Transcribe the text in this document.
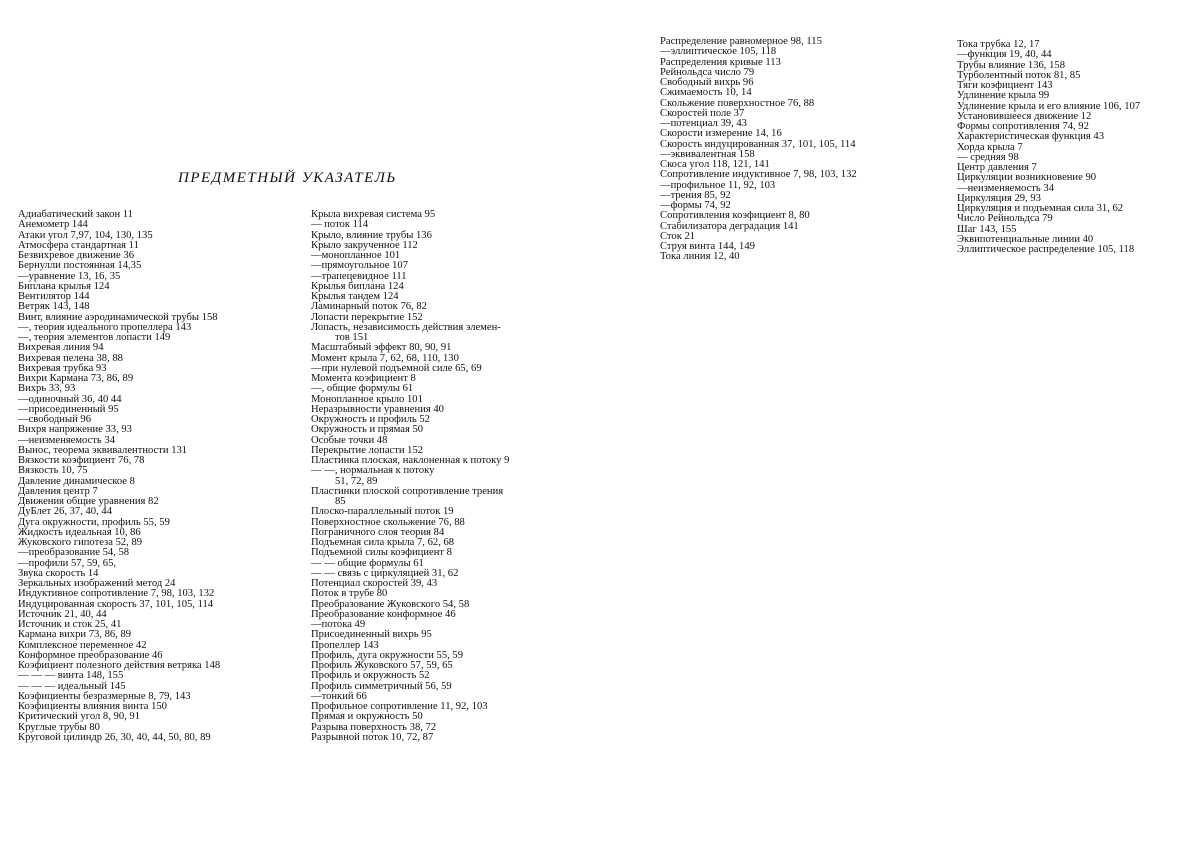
ПРЕДМЕТНЫЙ УКАЗАТЕЛЬ
Адиабатический закон 11
Анемометр 144
Атаки угол 7,97, 104, 130, 135
Атмосфера стандартная 11
Безвихревое движение 36
Бернулли постоянная 14,35
—уравнение 13, 16, 35
Биплана крылья 124
Вентилятор 144
Ветряк 143, 148
Винт, влияние аэродинамической трубы 158
—, теория идеального пропеллера 143
—, теория элементов лопасти 149
Вихревая линия 94
Вихревая пелена 38, 88
Вихревая трубка 93
Вихри Кармана 73, 86, 89
Вихрь 33, 93
—одиночный 36, 40 44
—присоединенный 95
—свободный 96
Вихря напряжение 33, 93
—неизменяемость 34
Вынос, теорема эквивалентности 131
Вязкости коэфициент 76, 78
Вязкость 10, 75
Давление динамическое 8
Давления центр 7
Движения общие уравнения 82
ДуБлет 26, 37, 40, 44
Дуга окружности, профиль 55, 59
Жидкость идеальная 10, 86
Жуковского гипотеза 52, 89
—преобразование 54, 58
—профили 57, 59, 65,
Звука скорость 14
Зеркальных изображений метод 24
Индуктивное сопротивление 7, 98, 103, 132
Индуцированная скорость 37, 101, 105, 114
Источник 21, 40, 44
Источник и сток 25, 41
Кармана вихри 73, 86, 89
Комплексное переменное 42
Конформное преобразование 46
Коэфициент полезного действия ветряка 148
— — — винта 148, 155
— — — идеальный 145
Коэфициенты безразмерные 8, 79, 143
Коэфициенты влияния винта 150
Критический угол 8, 90, 91
Круглые трубы 80
Круговой цилиндр 26, 30, 40, 44, 50, 80, 89
Крыла вихревая система 95
— поток 114
Крыло, влияние трубы 136
Крыло закрученное 112
—монопланное 101
—прямоугольное 107
—трапецевидное 111
Крылья биплана 124
Крылья тандем 124
Ламинарный поток 76, 82
Лопасти перекрытие 152
Лопасть, независимость действия элемен-
тов 151
Масштабный эффект 80, 90, 91
Момент крыла 7, 62, 68, 110, 130
—при нулевой подъемной силе 65, 69
Момента коэфициент 8
—, общие формулы 61
Монопланное крыло 101
Неразрывности уравнения 40
Окружность и профиль 52
Окружность и прямая 50
Особые точки 48
Перекрытие лопасти 152
Пластинка плоская, наклоненная к потоку 9
— —, нормальная к потоку
51, 72, 89
Пластинки плоской сопротивление трения
85
Плоско-параллельный поток 19
Поверхностное скольжение 76, 88
Пограничного слоя теория 84
Подъемная сила крыла 7, 62, 68
Подъемной силы коэфициент 8
— — общие формулы 61
— — связь с циркуляцией 31, 62
Потенциал скоростей 39, 43
Поток в трубе 80
Преобразование Жуковского 54, 58
Преобразование конформное 46
—потока 49
Присоединенный вихрь 95
Пропеллер 143
Профиль, дуга окружности 55, 59
Профиль Жуковского 57, 59, 65
Профиль и окружность 52
Профиль симметричный 56, 59
—тонкий 66
Профильное сопротивление 11, 92, 103
Прямая и окружность 50
Разрыва поверхность 38, 72
Разрывной поток 10, 72, 87
Распределение равномерное 98, 115
—эллиптическое 105, 118
Распределения кривые 113
Рейнольдса число 79
Свободный вихрь 96
Сжимаемость 10, 14
Скольжение поверхностное 76, 88
Скоростей поле 37
—потенциал 39, 43
Скорости измерение 14, 16
Скорость индуцированная 37, 101, 105, 114
—эквивалентная 158
Скоса угол 118, 121, 141
Сопротивление индуктивное 7, 98, 103, 132
—профильное 11, 92, 103
—трения 85, 92
—формы 74, 92
Сопротивления коэфициент 8, 80
Стабилизатора деградация 141
Сток 21
Струя винта 144, 149
Тока линия 12, 40
Тока трубка 12, 17
—функция 19, 40, 44
Трубы влияние 136, 158
Турболентный поток 81, 85
Тяги коэфициент 143
Удлинение крыла 99
Удлинение крыла и его влияние 106, 107
Установившееся движение 12
Формы сопротивления 74, 92
Характеристическая функция 43
Хорда крыла 7
— средняя 98
Центр давления 7
Циркуляции возникновение 90
—неизменяемость 34
Циркуляция 29, 93
Циркуляция и подъемная сила 31, 62
Число Рейнольдса 79
Шаг 143, 155
Эквипотенциальные линии 40
Эллиптическое распределение 105, 118
